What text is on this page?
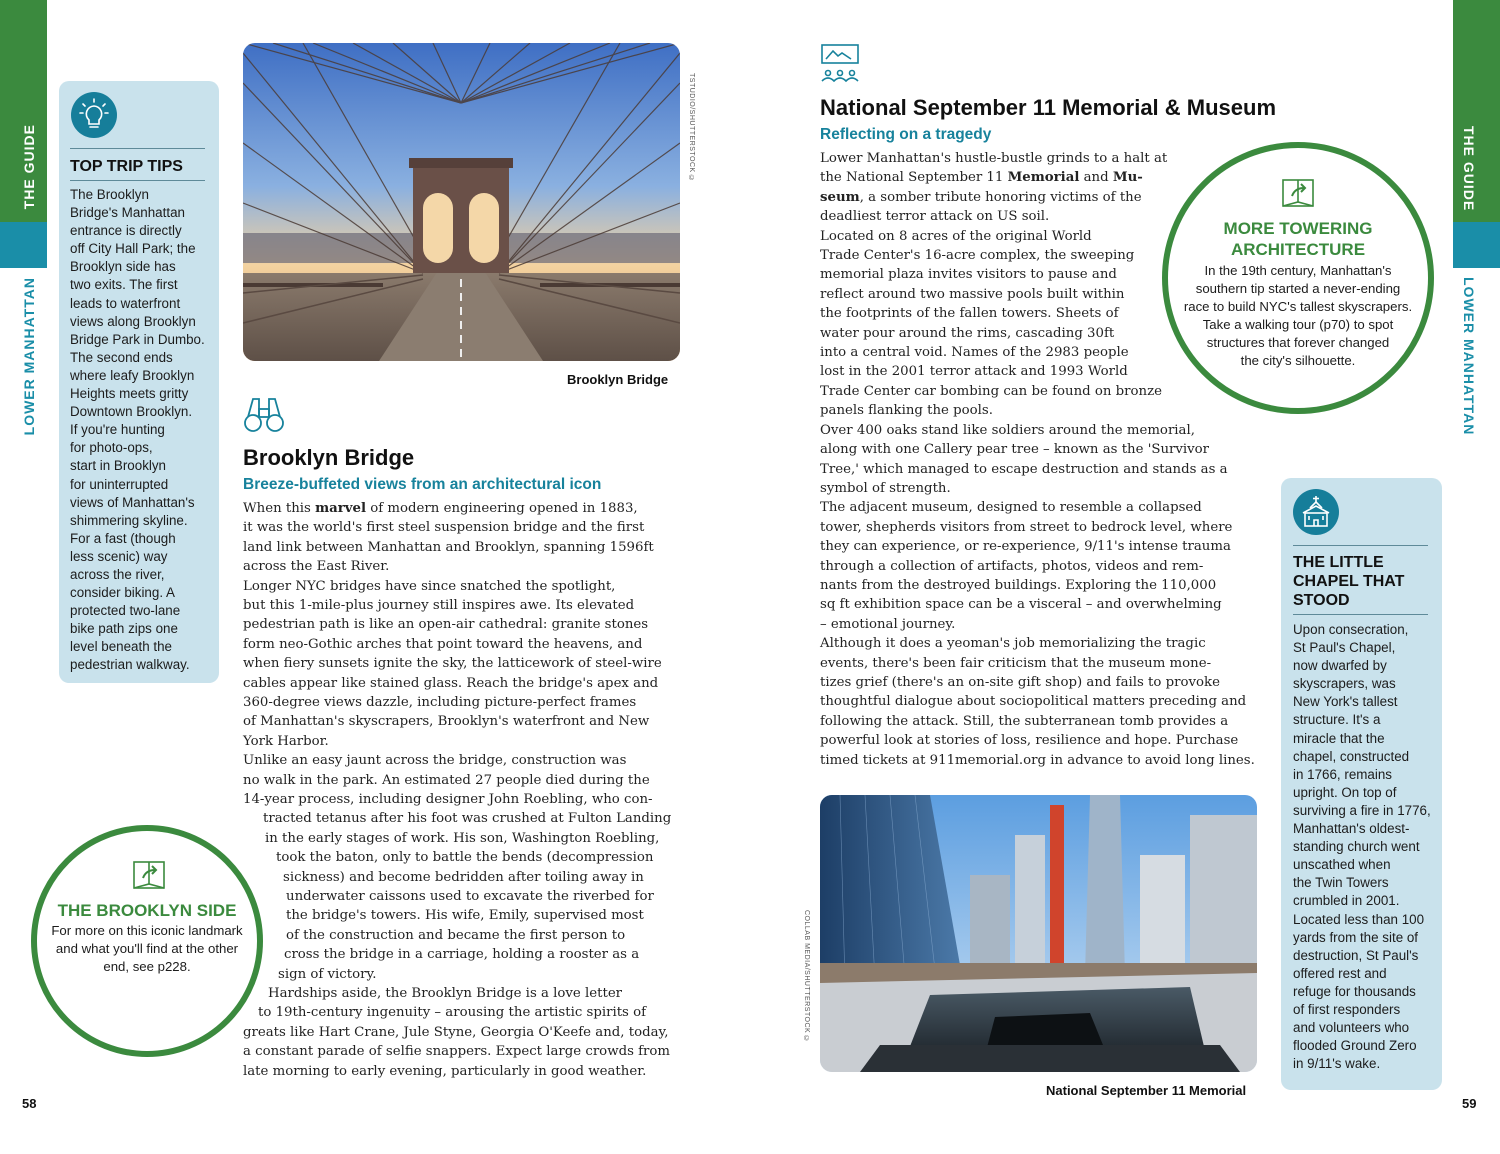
THE GUIDE
LOWER MANHATTAN
THE GUIDE
LOWER MANHATTAN
TOP TRIP TIPS
The Brooklyn
Bridge's Manhattan
entrance is directly
off City Hall Park; the
Brooklyn side has
two exits. The first
leads to waterfront
views along Brooklyn
Bridge Park in Dumbo.
The second ends
where leafy Brooklyn
Heights meets gritty
Downtown Brooklyn.
If you're hunting
for photo-ops,
start in Brooklyn
for uninterrupted
views of Manhattan's
shimmering skyline.
For a fast (though
less scenic) way
across the river,
consider biking. A
protected two-lane
bike path zips one
level beneath the
pedestrian walkway.
THE BROOKLYN SIDE
For more on this iconic landmark
and what you'll find at the other
end, see p228.
TSTUDIO/SHUTTERSTOCK ©
Brooklyn Bridge
Brooklyn Bridge
Breeze-buffeted views from an architectural icon
When this marvel of modern engineering opened in 1883,
it was the world's first steel suspension bridge and the first
land link between Manhattan and Brooklyn, spanning 1596ft
across the East River.
Longer NYC bridges have since snatched the spotlight,
but this 1-mile-plus journey still inspires awe. Its elevated
pedestrian path is like an open-air cathedral: granite stones
form neo-Gothic arches that point toward the heavens, and
when fiery sunsets ignite the sky, the latticework of steel-wire
cables appear like stained glass. Reach the bridge's apex and
360-degree views dazzle, including picture-perfect frames
of Manhattan's skyscrapers, Brooklyn's waterfront and New
York Harbor.
Unlike an easy jaunt across the bridge, construction was
no walk in the park. An estimated 27 people died during the
14-year process, including designer John Roebling, who con-
tracted tetanus after his foot was crushed at Fulton Landing
in the early stages of work. His son, Washington Roebling,
took the baton, only to battle the bends (decompression
sickness) and become bedridden after toiling away in
underwater caissons used to excavate the riverbed for
the bridge's towers. His wife, Emily, supervised most
of the construction and became the first person to
cross the bridge in a carriage, holding a rooster as a
sign of victory.
Hardships aside, the Brooklyn Bridge is a love letter
to 19th-century ingenuity – arousing the artistic spirits of
greats like Hart Crane, Jule Styne, Georgia O'Keefe and, today,
a constant parade of selfie snappers. Expect large crowds from
late morning to early evening, particularly in good weather.
National September 11 Memorial & Museum
Reflecting on a tragedy
Lower Manhattan's hustle-bustle grinds to a halt at
the National September 11 Memorial and Mu-
seum, a somber tribute honoring victims of the
deadliest terror attack on US soil.
Located on 8 acres of the original World
Trade Center's 16-acre complex, the sweeping
memorial plaza invites visitors to pause and
reflect around two massive pools built within
the footprints of the fallen towers. Sheets of
water pour around the rims, cascading 30ft
into a central void. Names of the 2983 people
lost in the 2001 terror attack and 1993 World
Trade Center car bombing can be found on bronze
panels flanking the pools.
Over 400 oaks stand like soldiers around the memorial,
along with one Callery pear tree – known as the 'Survivor
Tree,' which managed to escape destruction and stands as a
symbol of strength.
The adjacent museum, designed to resemble a collapsed
tower, shepherds visitors from street to bedrock level, where
they can experience, or re-experience, 9/11's intense trauma
through a collection of artifacts, photos, videos and rem-
nants from the destroyed buildings. Exploring the 110,000
sq ft exhibition space can be a visceral – and overwhelming
– emotional journey.
Although it does a yeoman's job memorializing the tragic
events, there's been fair criticism that the museum mone-
tizes grief (there's an on-site gift shop) and fails to provoke
thoughtful dialogue about sociopolitical matters preceding and
following the attack. Still, the subterranean tomb provides a
powerful look at stories of loss, resilience and hope. Purchase
timed tickets at 911memorial.org in advance to avoid long lines.
MORE TOWERING
ARCHITECTURE
In the 19th century, Manhattan's
southern tip started a never-ending
race to build NYC's tallest skyscrapers.
Take a walking tour (p70) to spot
structures that forever changed
the city's silhouette.
THE LITTLE
CHAPEL THAT
STOOD
Upon consecration,
St Paul's Chapel,
now dwarfed by
skyscrapers, was
New York's tallest
structure. It's a
miracle that the
chapel, constructed
in 1766, remains
upright. On top of
surviving a fire in 1776,
Manhattan's oldest-
standing church went
unscathed when
the Twin Towers
crumbled in 2001.
Located less than 100
yards from the site of
destruction, St Paul's
offered rest and
refuge for thousands
of first responders
and volunteers who
flooded Ground Zero
in 9/11's wake.
COLLAB MEDIA/SHUTTERSTOCK ©
National September 11 Memorial
58	59
